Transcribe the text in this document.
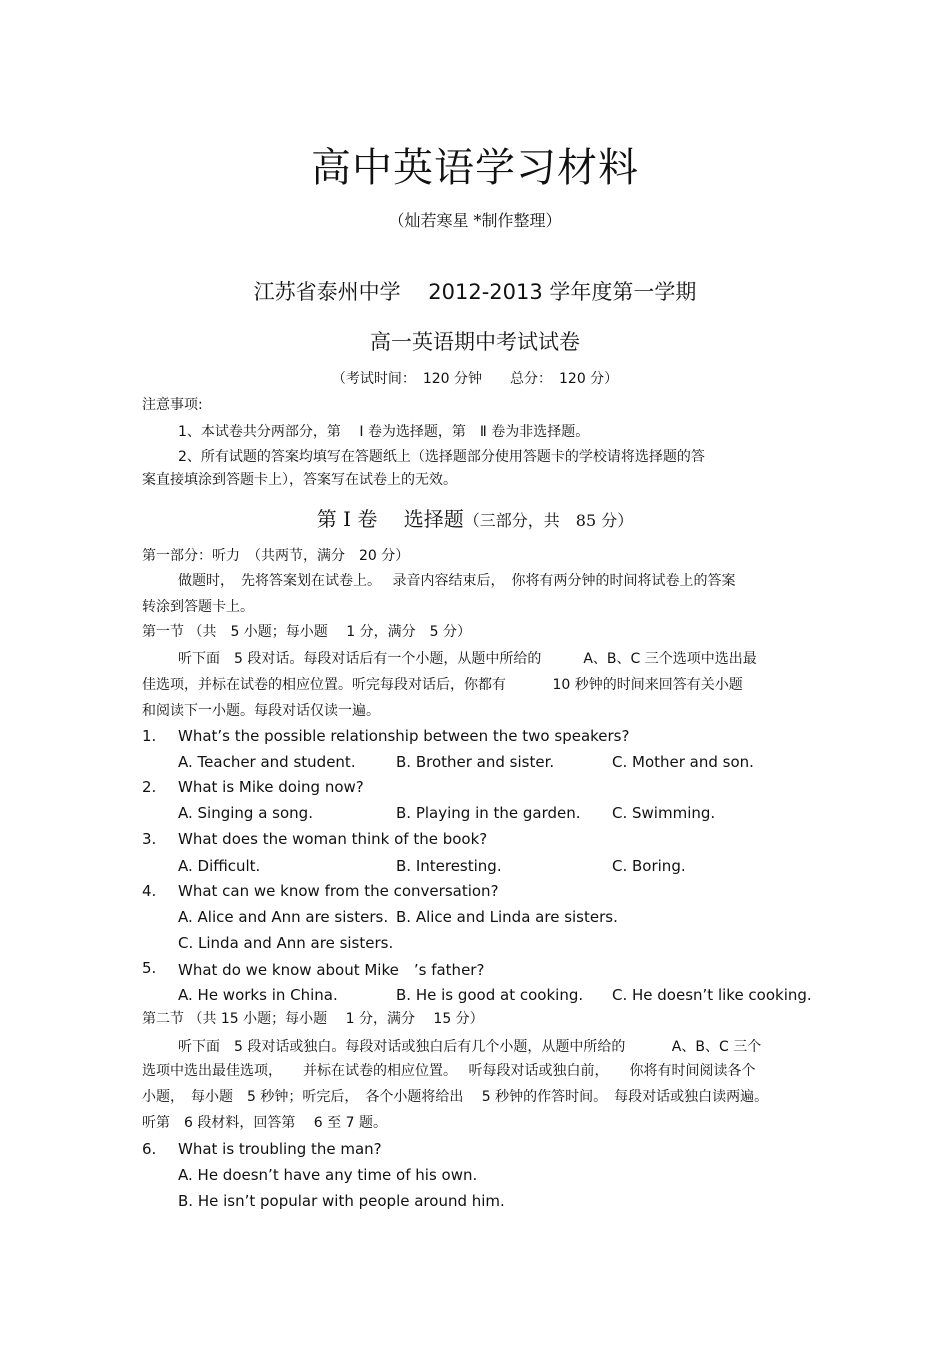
高中英语学习材料
（灿若寒星 *制作整理）
江苏省泰州中学　 2012-2013 学年度第一学期
高一英语期中考试试卷
（考试时间：　120 分钟　　总分：　120 分）
注意事项:
1、本试卷共分两部分，第　 Ⅰ 卷为选择题，第　Ⅱ 卷为非选择题。
2、所有试题的答案均填写在答题纸上（选择题部分使用答题卡的学校请将选择题的答
案直接填涂到答题卡上），答案写在试卷上的无效。
第 Ⅰ 卷　 选择题（三部分，共　85 分）
第一部分：听力　（共两节，满分　20 分）
做题时，　先将答案划在试卷上。　 录音内容结束后，　你将有两分钟的时间将试卷上的答案
转涂到答题卡上。
第一节 （共　5 小题；每小题　 1 分，满分　5 分）
听下面　5 段对话。每段对话后有一个小题，从题中所给的　　　A、B、C 三个选项中选出最
佳选项，并标在试卷的相应位置。听完每段对话后，你都有　　　 10 秒钟的时间来回答有关小题
和阅读下一小题。每段对话仅读一遍。
1. What’s the possible relationship between the two speakers?
A. Teacher and student.	B. Brother and sister.	C. Mother and son.
2. What is Mike doing now?
A. Singing a song.	B. Playing in the garden. C. Swimming.
3. What does the woman think of the book?
A. Difficult.	B. Interesting.	C. Boring.
4. What can we know from the conversation?
A. Alice and Ann are sisters. B. Alice and Linda are sisters.
C. Linda and Ann are sisters.
5. What do we know about Mike　’s father?
A. He works in China.	B. He is good at cooking. C. He doesn’t like cooking.
第二节 （共 15 小题；每小题　 1 分，满分　 15 分）
听下面　5 段对话或独白。每段对话或独白后有几个小题，从题中所给的　　　 A、B、C 三个
选项中选出最佳选项，　　并标在试卷的相应位置。　 听每段对话或独白前，　　你将有时间阅读各个
小题，　每小题　5 秒钟；听完后，　各个小题将给出　 5 秒钟的作答时间。　每段对话或独白读两遍。
听第　6 段材料，回答第　 6 至 7 题。
6. What is troubling the man?
A. He doesn’t have any time of his own.
B. He isn’t popular with people around him.
